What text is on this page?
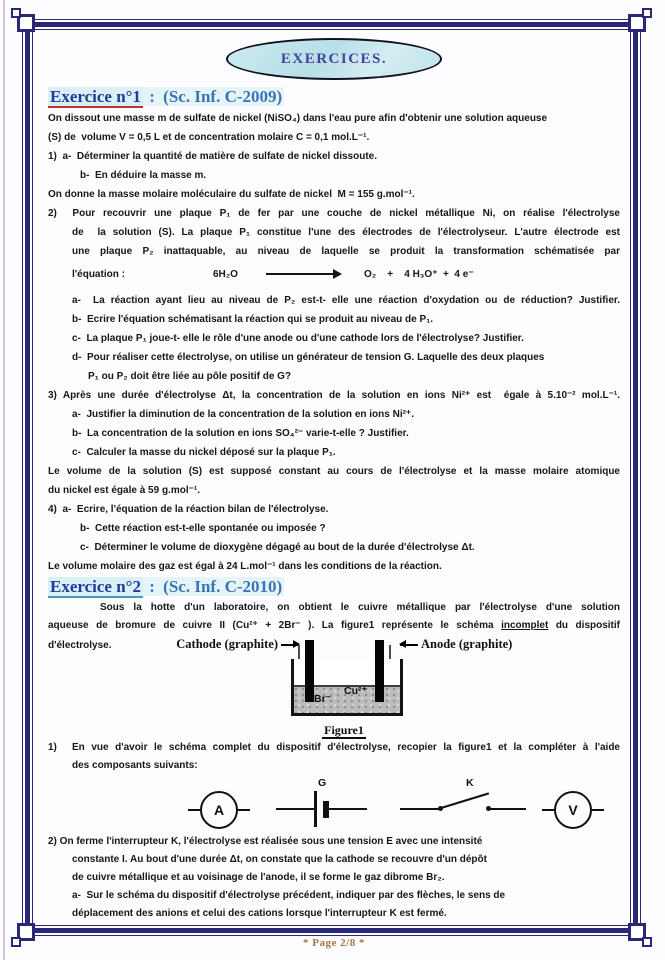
EXERCICES.
Exercice n°1 : (Sc. Inf. C-2009)
On dissout une masse m de sulfate de nickel (NiSO₄) dans l'eau pure afin d'obtenir une solution aqueuse
(S) de  volume V = 0,5 L et de concentration molaire C = 0,1 mol.L⁻¹.
1)  a-  Déterminer la quantité de matière de sulfate de nickel dissoute.
b-  En déduire la masse m.
On donne la masse molaire moléculaire du sulfate de nickel  M = 155 g.mol⁻¹.
2)  Pour recouvrir une plaque P₁ de fer par une couche de nickel métallique Ni, on réalise l'électrolyse
de  la solution (S). La plaque P₁ constitue l'une des électrodes de l'électrolyseur. L'autre électrode est
une plaque P₂ inattaquable, au niveau de laquelle se produit la transformation schématisée par
l'équation :	6H₂O	O₂    +    4 H₃O⁺  +  4 e⁻
a-  La réaction ayant lieu au niveau de P₂ est-t- elle une réaction d'oxydation ou de réduction? Justifier.
b-  Ecrire l'équation schématisant la réaction qui se produit au niveau de P₁.
c-  La plaque P₁ joue-t- elle le rôle d'une anode ou d'une cathode lors de l'électrolyse? Justifier.
d-  Pour réaliser cette électrolyse, on utilise un générateur de tension G. Laquelle des deux plaques
P₁ ou P₂ doit être liée au pôle positif de G?
3) Après une durée d'électrolyse Δt, la concentration de la solution en ions Ni²⁺ est  égale à 5.10⁻² mol.L⁻¹.
a-  Justifier la diminution de la concentration de la solution en ions Ni²⁺.
b-  La concentration de la solution en ions SO₄²⁻ varie-t-elle ? Justifier.
c-  Calculer la masse du nickel déposé sur la plaque P₁.
Le volume de la solution (S) est supposé constant au cours de l'électrolyse et la masse molaire atomique
du nickel est égale à 59 g.mol⁻¹.
4)  a-  Ecrire, l'équation de la réaction bilan de l'électrolyse.
b-  Cette réaction est-t-elle spontanée ou imposée ?
c-  Déterminer le volume de dioxygène dégagé au bout de la durée d'électrolyse Δt.
Le volume molaire des gaz est égal à 24 L.mol⁻¹ dans les conditions de la réaction.
Exercice n°2 : (Sc. Inf. C-2010)
Sous la hotte d'un laboratoire, on obtient le cuivre métallique par l'électrolyse d'une solution
aqueuse de bromure de cuivre II (Cu²⁺ + 2Br⁻ ). La figure1 représente le schéma incomplet du dispositif
d'électrolyse.	Cathode (graphite)	Anode (graphite)
Br⁻
Cu²⁺
Figure1
1) En vue d'avoir le schéma complet du dispositif d'électrolyse, recopier la figure1 et la compléter à l'aide
des composants suivants:
A
G	K
V
2) On ferme l'interrupteur K, l'électrolyse est réalisée sous une tension E avec une intensité
constante I. Au bout d'une durée Δt, on constate que la cathode se recouvre d'un dépôt
de cuivre métallique et au voisinage de l'anode, il se forme le gaz dibrome Br₂.
a-  Sur le schéma du dispositif d'électrolyse précédent, indiquer par des flèches, le sens de
déplacement des anions et celui des cations lorsque l'interrupteur K est fermé.
* Page 2/8 *
